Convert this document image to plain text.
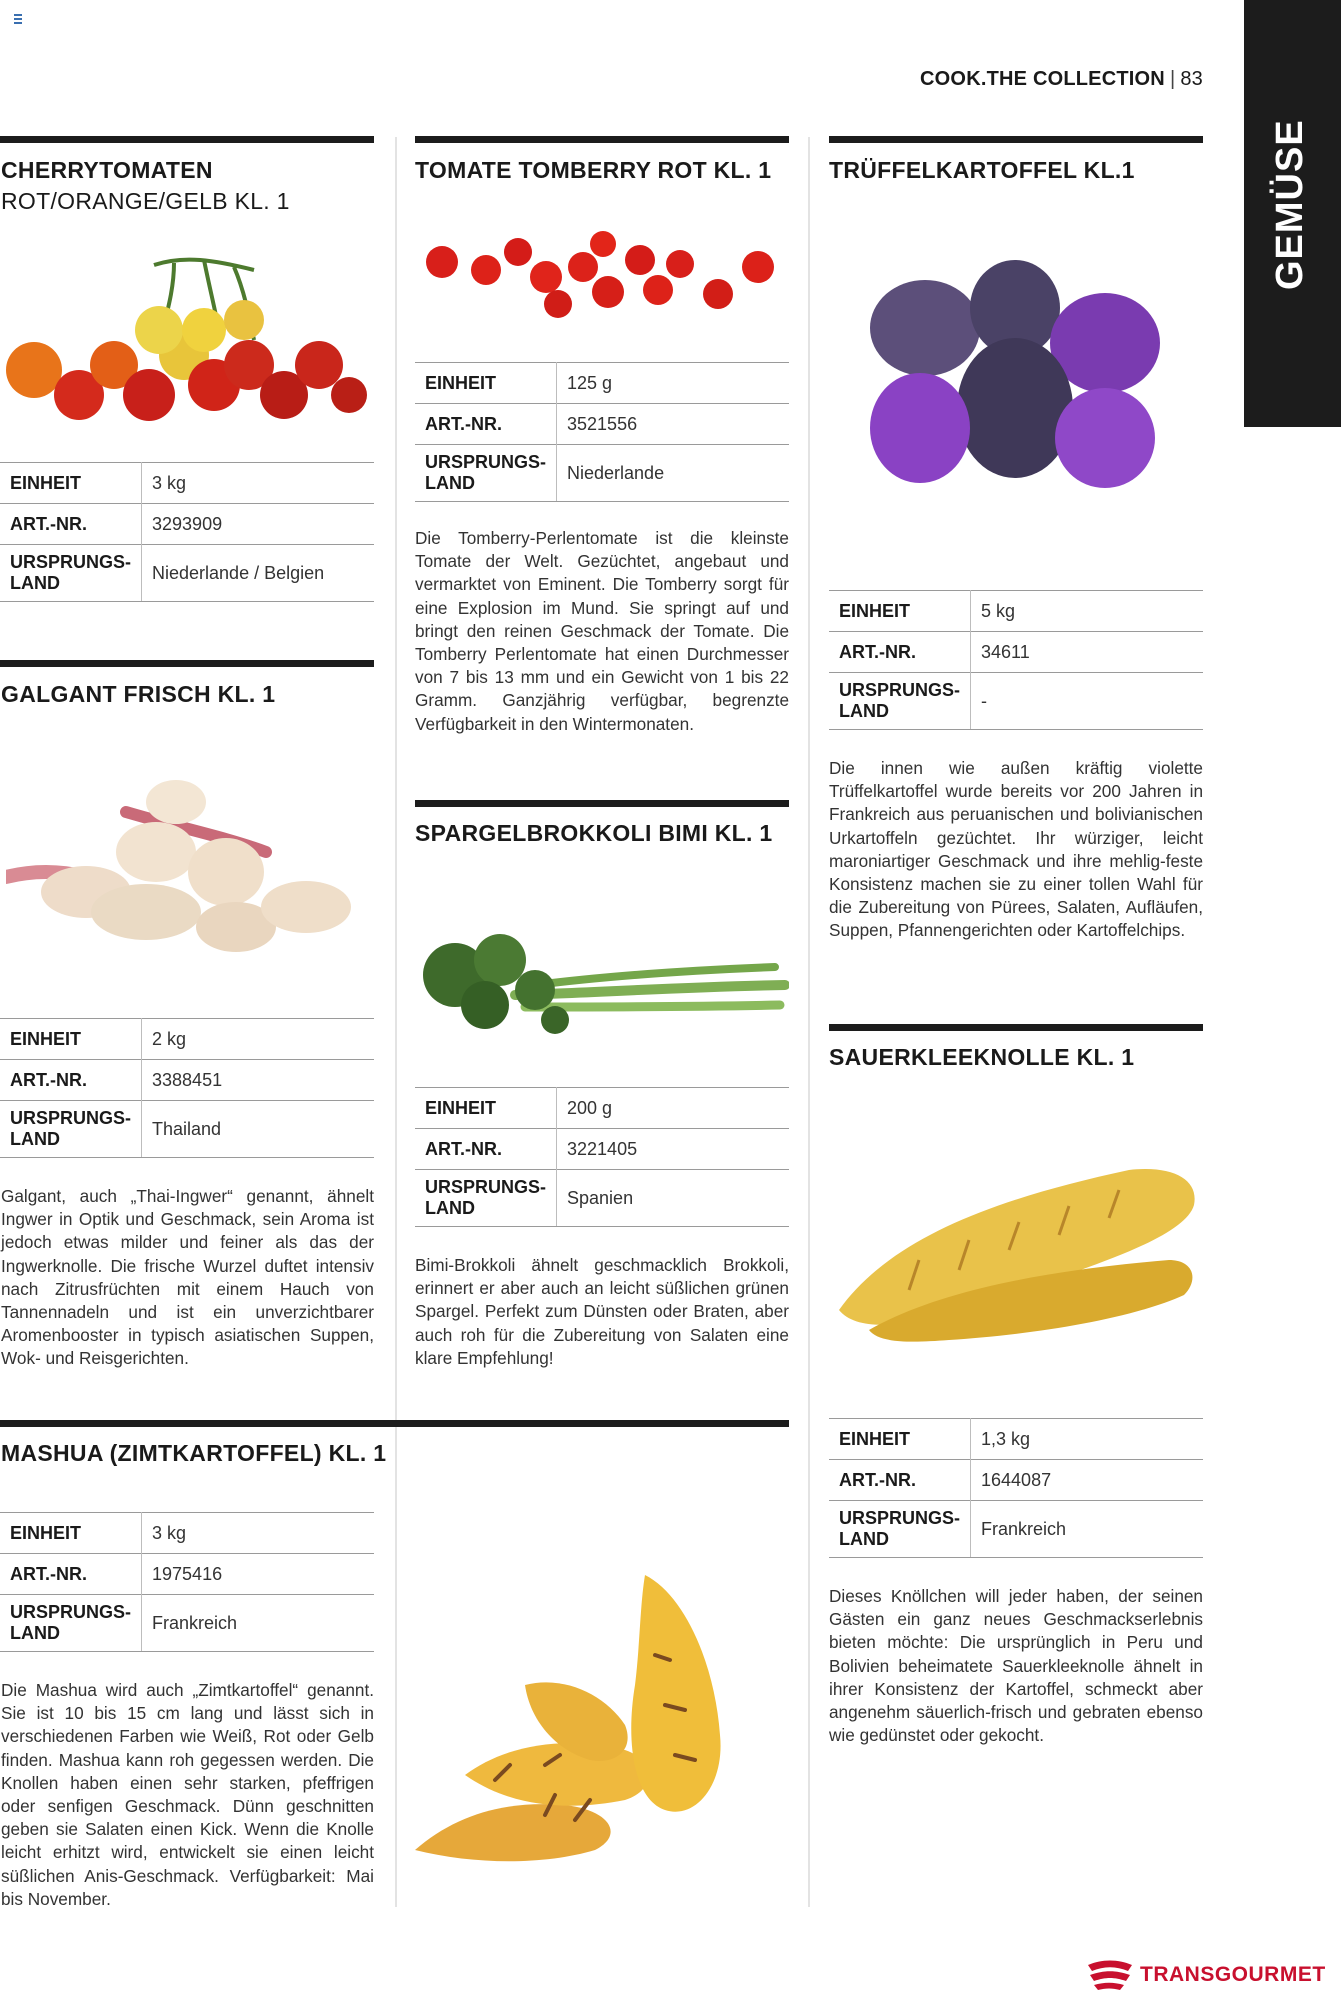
COOK.THE COLLECTION | 83
GEMÜSE
CHERRYTOMATEN
ROT/ORANGE/GELB KL. 1
EINHEIT	3 kg
ART.-NR.	3293909
URSPRUNGS-
LAND	Niederlande / Belgien
TOMATE TOMBERRY ROT KL. 1
EINHEIT	125 g
ART.-NR.	3521556
URSPRUNGS-
LAND	Niederlande
Die Tomberry-Perlentomate ist die kleinste Tomate der Welt. Gezüchtet, angebaut und vermarktet von Eminent. Die Tomberry sorgt für eine Explosion im Mund. Sie springt auf und bringt den reinen Geschmack der Tomate. Die Tomberry Perlentomate hat einen Durchmesser von 7 bis 13 mm und ein Gewicht von 1 bis 22 Gramm. Ganzjährig verfügbar, begrenzte Verfügbarkeit in den Wintermonaten.
TRÜFFELKARTOFFEL KL.1
EINHEIT	5 kg
ART.-NR.	34611
URSPRUNGS-
LAND	-
Die innen wie außen kräftig violette Trüffelkartoffel wurde bereits vor 200 Jahren in Frankreich aus peruanischen und bolivianischen Urkartoffeln gezüchtet. Ihr würziger, leicht maroniartiger Geschmack und ihre mehlig-feste Konsistenz machen sie zu einer tollen Wahl für die Zubereitung von Pürees, Salaten, Aufläufen, Suppen, Pfannengerichten oder Kartoffelchips.
GALGANT FRISCH KL. 1
EINHEIT	2 kg
ART.-NR.	3388451
URSPRUNGS-
LAND	Thailand
Galgant, auch „Thai-Ingwer“ genannt, ähnelt Ingwer in Optik und Geschmack, sein Aroma ist jedoch etwas milder und feiner als das der Ingwerknolle. Die frische Wurzel duftet intensiv nach Zitrusfrüchten mit einem Hauch von Tannennadeln und ist ein unverzichtbarer Aromenbooster in typisch asiatischen Suppen, Wok- und Reisgerichten.
SPARGELBROKKOLI BIMI KL. 1
EINHEIT	200 g
ART.-NR.	3221405
URSPRUNGS-
LAND	Spanien
Bimi-Brokkoli ähnelt geschmacklich Brokkoli, erinnert er aber auch an leicht süßlichen grünen Spargel. Perfekt zum Dünsten oder Braten, aber auch roh für die Zubereitung von Salaten eine klare Empfehlung!
SAUERKLEEKNOLLE KL. 1
EINHEIT	1,3 kg
ART.-NR.	1644087
URSPRUNGS-
LAND	Frankreich
Dieses Knöllchen will jeder haben, der seinen Gästen ein ganz neues Geschmackserlebnis bieten möchte: Die ursprünglich in Peru und Bolivien beheimatete Sauerkleeknolle ähnelt in ihrer Konsistenz der Kartoffel, schmeckt aber angenehm säuerlich-frisch und gebraten ebenso wie gedünstet oder gekocht.
MASHUA (ZIMTKARTOFFEL) KL. 1
EINHEIT	3 kg
ART.-NR.	1975416
URSPRUNGS-
LAND	Frankreich
Die Mashua wird auch „Zimtkartoffel“ genannt. Sie ist 10 bis 15 cm lang und lässt sich in verschiedenen Farben wie Weiß, Rot oder Gelb finden. Mashua kann roh gegessen werden. Die Knollen haben einen sehr starken, pfeffrigen oder senfigen Geschmack. Dünn geschnitten geben sie Salaten einen Kick. Wenn die Knolle leicht erhitzt wird, entwickelt sie einen leicht süßlichen Anis-Geschmack. Verfügbarkeit: Mai bis November.
TRANSGOURMET
